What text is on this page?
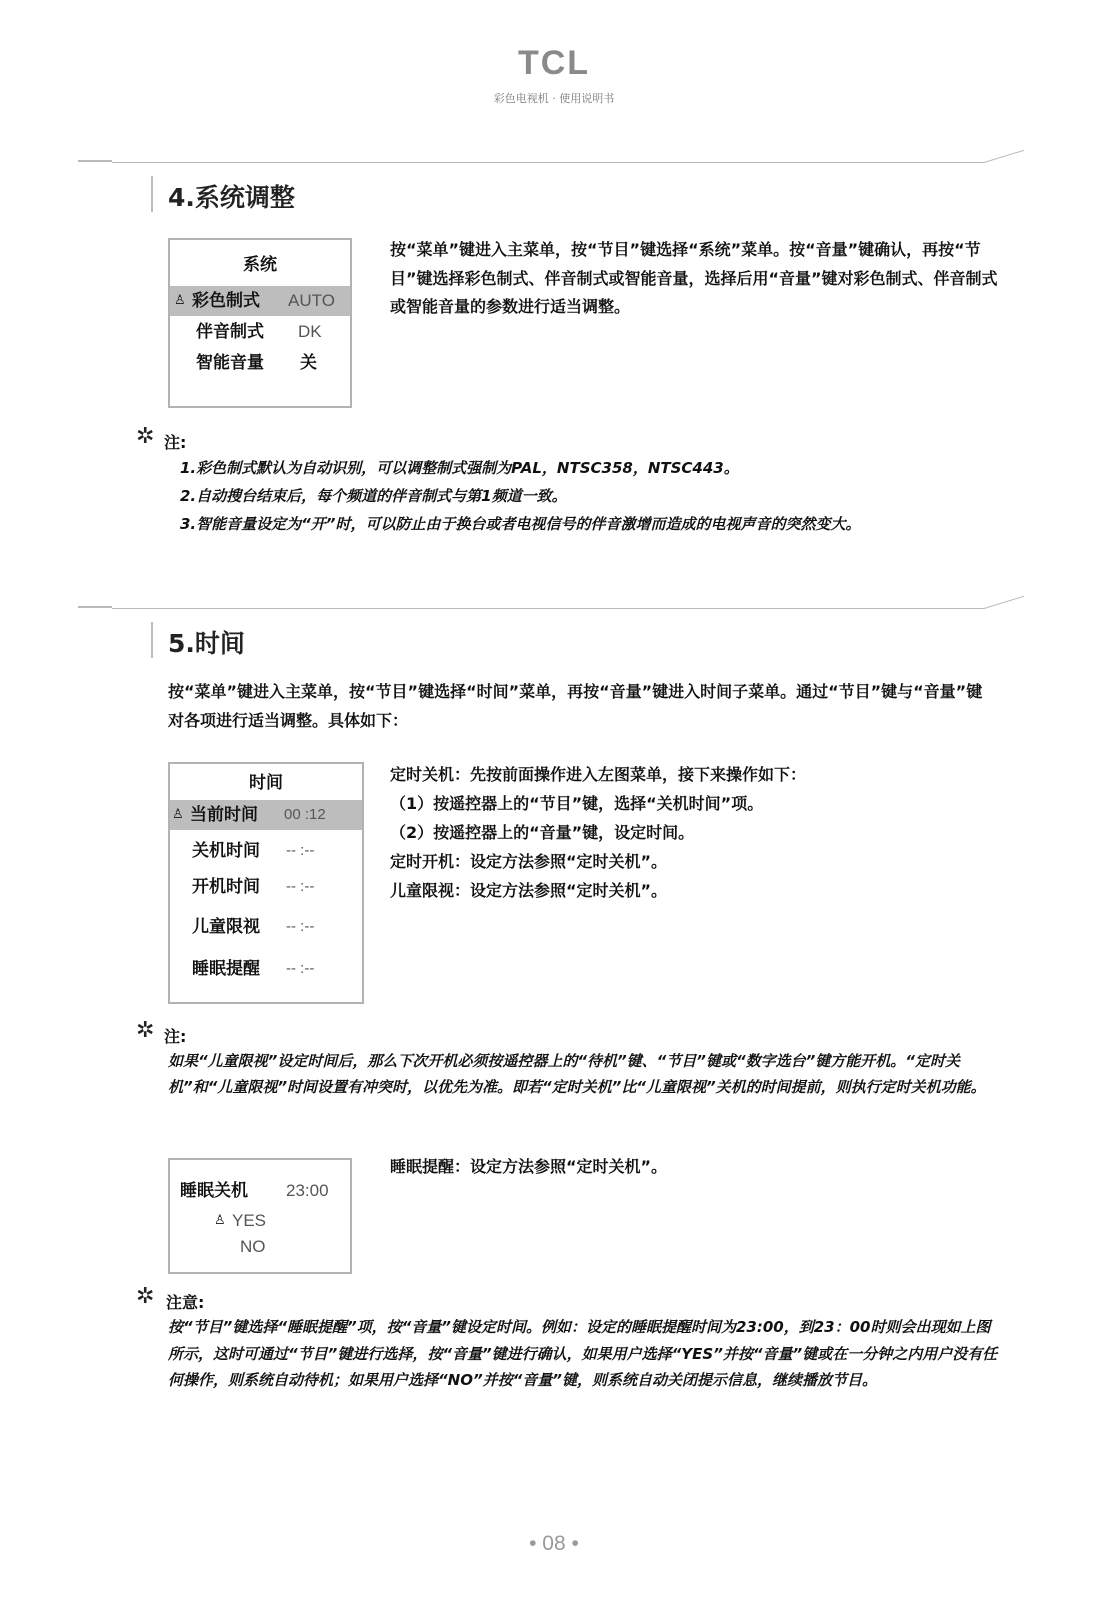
TCL
彩色电视机 · 使用说明书
4.系统调整
系统
♙ 彩色制式 AUTO
伴音制式 DK
智能音量 关
按“菜单”键进入主菜单，按“节目”键选择“系统”菜单。按“音量”键确认，再按“节目”键选择彩色制式、伴音制式或智能音量，选择后用“音量”键对彩色制式、伴音制式或智能音量的参数进行适当调整。
✲ 注:
1.彩色制式默认为自动识别，可以调整制式强制为PAL，NTSC358，NTSC443。
2.自动搜台结束后，每个频道的伴音制式与第1频道一致。
3.智能音量设定为“开”时，可以防止由于换台或者电视信号的伴音激增而造成的电视声音的突然变大。
5.时间
按“菜单”键进入主菜单，按“节目”键选择“时间”菜单，再按“音量”键进入时间子菜单。通过“节目”键与“音量”键对各项进行适当调整。具体如下：
时间
♙ 当前时间 00 :12
关机时间 -- :--
开机时间 -- :--
儿童限视 -- :--
睡眠提醒 -- :--
定时关机：先按前面操作进入左图菜单，接下来操作如下：
（1）按遥控器上的“节目”键，选择“关机时间”项。
（2）按遥控器上的“音量”键，设定时间。
定时开机：设定方法参照“定时关机”。
儿童限视：设定方法参照“定时关机”。
✲ 注:
如果“儿童限视”设定时间后，那么下次开机必须按遥控器上的“待机”键、“节目”键或“数字选台”键方能开机。“定时关机”和“儿童限视”时间设置有冲突时，以优先为准。即若“定时关机”比“儿童限视”关机的时间提前，则执行定时关机功能。
睡眠关机 23:00
♙ YES
NO
睡眠提醒：设定方法参照“定时关机”。
✲ 注意:
按“节目”键选择“睡眠提醒”项，按“音量”键设定时间。例如：设定的睡眠提醒时间为23:00，到23：00时则会出现如上图所示，这时可通过“节目”键进行选择，按“音量”键进行确认，如果用户选择“YES”并按“音量”键或在一分钟之内用户没有任何操作，则系统自动待机；如果用户选择“NO”并按“音量”键，则系统自动关闭提示信息，继续播放节目。
• 08 •
